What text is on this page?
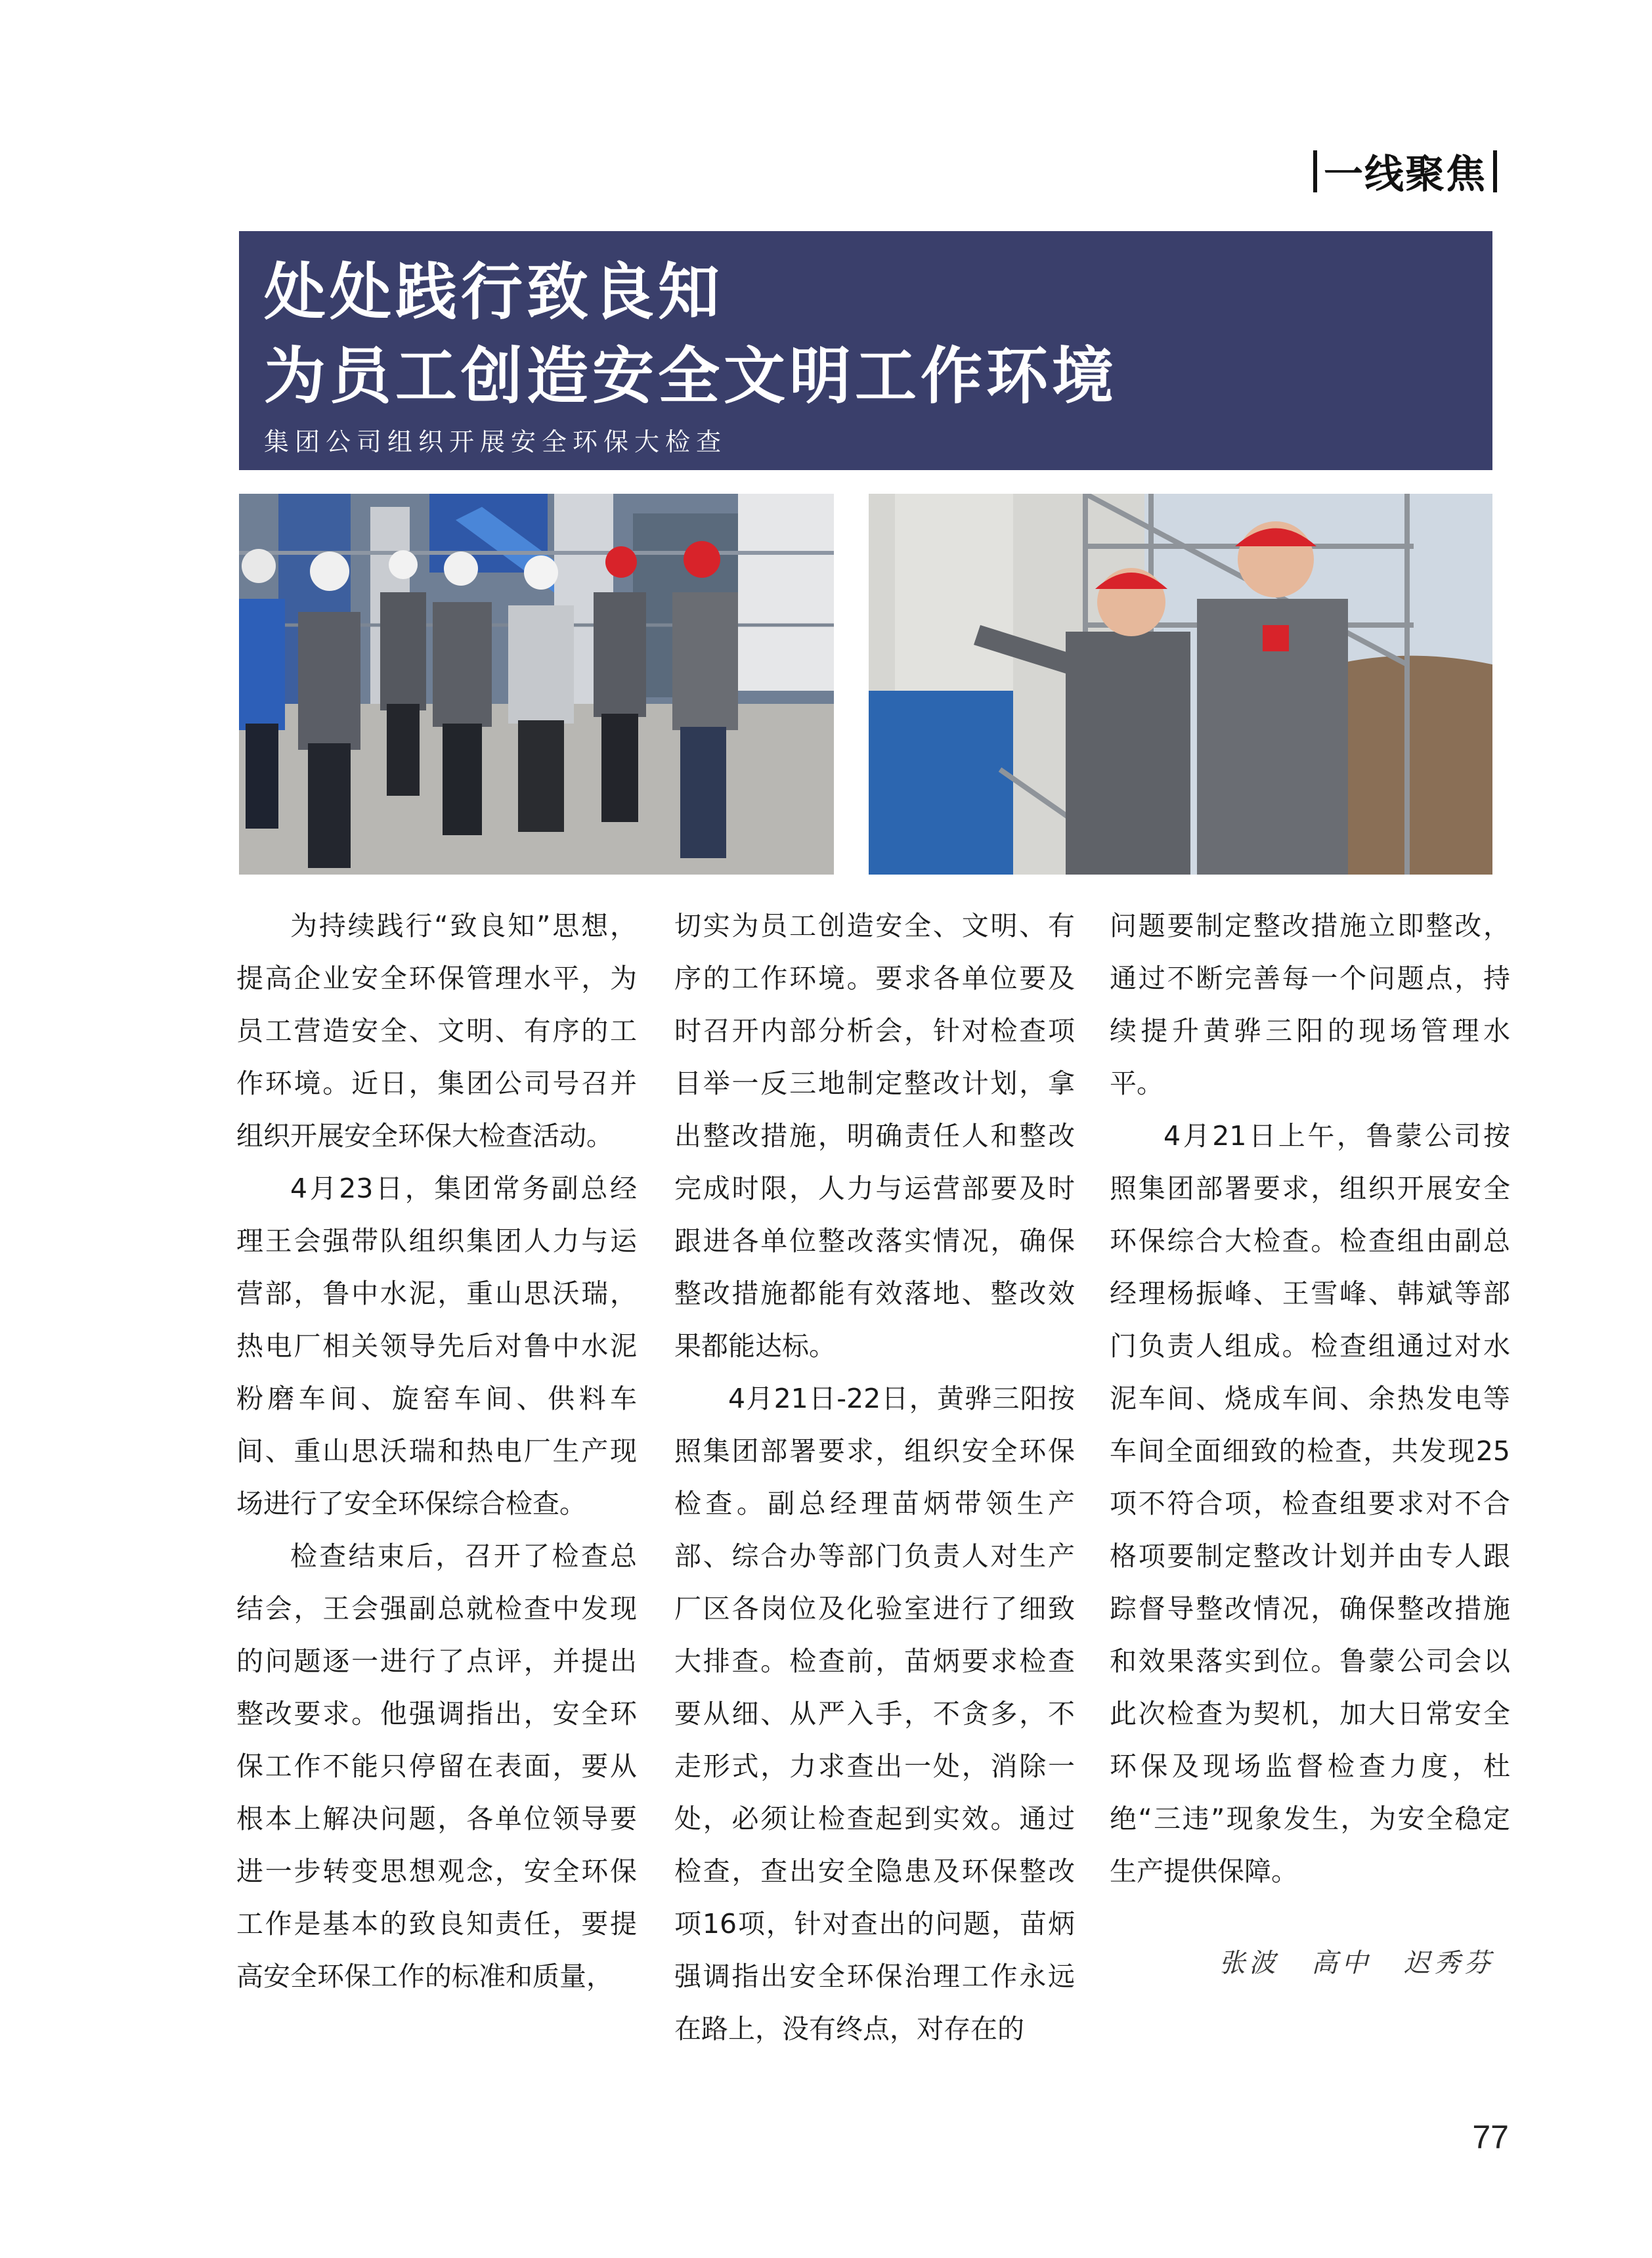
一线聚焦
处处践行致良知
为员工创造安全文明工作环境
集团公司组织开展安全环保大检查

为持续践行“致良知”思想，提高企业安全环保管理水平，为员工营造安全、文明、有序的工作环境。近日，集团公司号召并组织开展安全环保大检查活动。

4月23日，集团常务副总经理王会强带队组织集团人力与运营部，鲁中水泥，重山思沃瑞，热电厂相关领导先后对鲁中水泥粉磨车间、旋窑车间、供料车间、重山思沃瑞和热电厂生产现场进行了安全环保综合检查。

检查结束后，召开了检查总结会，王会强副总就检查中发现的问题逐一进行了点评，并提出整改要求。他强调指出，安全环保工作不能只停留在表面，要从根本上解决问题，各单位领导要进一步转变思想观念，安全环保工作是基本的致良知责任，要提高安全环保工作的标准和质量，

切实为员工创造安全、文明、有序的工作环境。要求各单位要及时召开内部分析会，针对检查项目举一反三地制定整改计划，拿出整改措施，明确责任人和整改完成时限，人力与运营部要及时跟进各单位整改落实情况，确保整改措施都能有效落地、整改效果都能达标。

4月21日-22日，黄骅三阳按照集团部署要求，组织安全环保检查。副总经理苗炳带领生产部、综合办等部门负责人对生产厂区各岗位及化验室进行了细致大排查。检查前，苗炳要求检查要从细、从严入手，不贪多，不走形式，力求查出一处，消除一处，必须让检查起到实效。通过检查，查出安全隐患及环保整改项16项，针对查出的问题，苗炳强调指出安全环保治理工作永远在路上，没有终点，对存在的

问题要制定整改措施立即整改，通过不断完善每一个问题点，持续提升黄骅三阳的现场管理水平。

4月21日上午，鲁蒙公司按照集团部署要求，组织开展安全环保综合大检查。检查组由副总经理杨振峰、王雪峰、韩斌等部门负责人组成。检查组通过对水泥车间、烧成车间、余热发电等车间全面细致的检查，共发现25项不符合项，检查组要求对不合格项要制定整改计划并由专人跟踪督导整改情况，确保整改措施和效果落实到位。鲁蒙公司会以此次检查为契机，加大日常安全环保及现场监督检查力度，杜绝“三违”现象发生，为安全稳定生产提供保障。

张波 高中 迟秀芬
77
